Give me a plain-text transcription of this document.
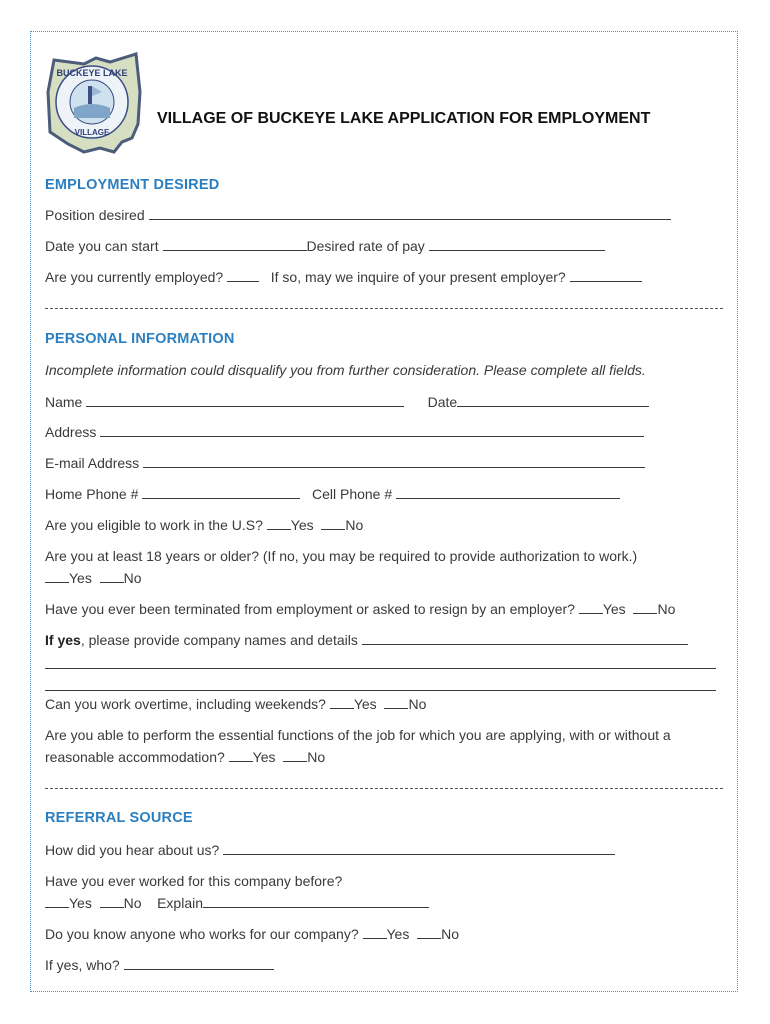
BUCKEYE LAKE
VILLAGE
VILLAGE OF BUCKEYE LAKE APPLICATION FOR EMPLOYMENT
EMPLOYMENT DESIRED
Position desired
Date you can start	Desired rate of pay
Are you currently employed?	If so, may we inquire of your present employer?
PERSONAL INFORMATION
Incomplete information could disqualify you from further consideration. Please complete all fields.
Name	Date
Address
E-mail Address
Home Phone #	Cell Phone #
Are you eligible to work in the U.S? Yes No
Are you at least 18 years or older? (If no, you may be required to provide authorization to work.)
Yes No
Have you ever been terminated from employment or asked to resign by an employer? Yes No
If yes, please provide company names and details
Can you work overtime, including weekends? Yes No
Are you able to perform the essential functions of the job for which you are applying, with or without a
reasonable accommodation? Yes No
REFERRAL SOURCE
How did you hear about us?
Have you ever worked for this company before?
Yes No Explain
Do you know anyone who works for our company? Yes No
If yes, who?
